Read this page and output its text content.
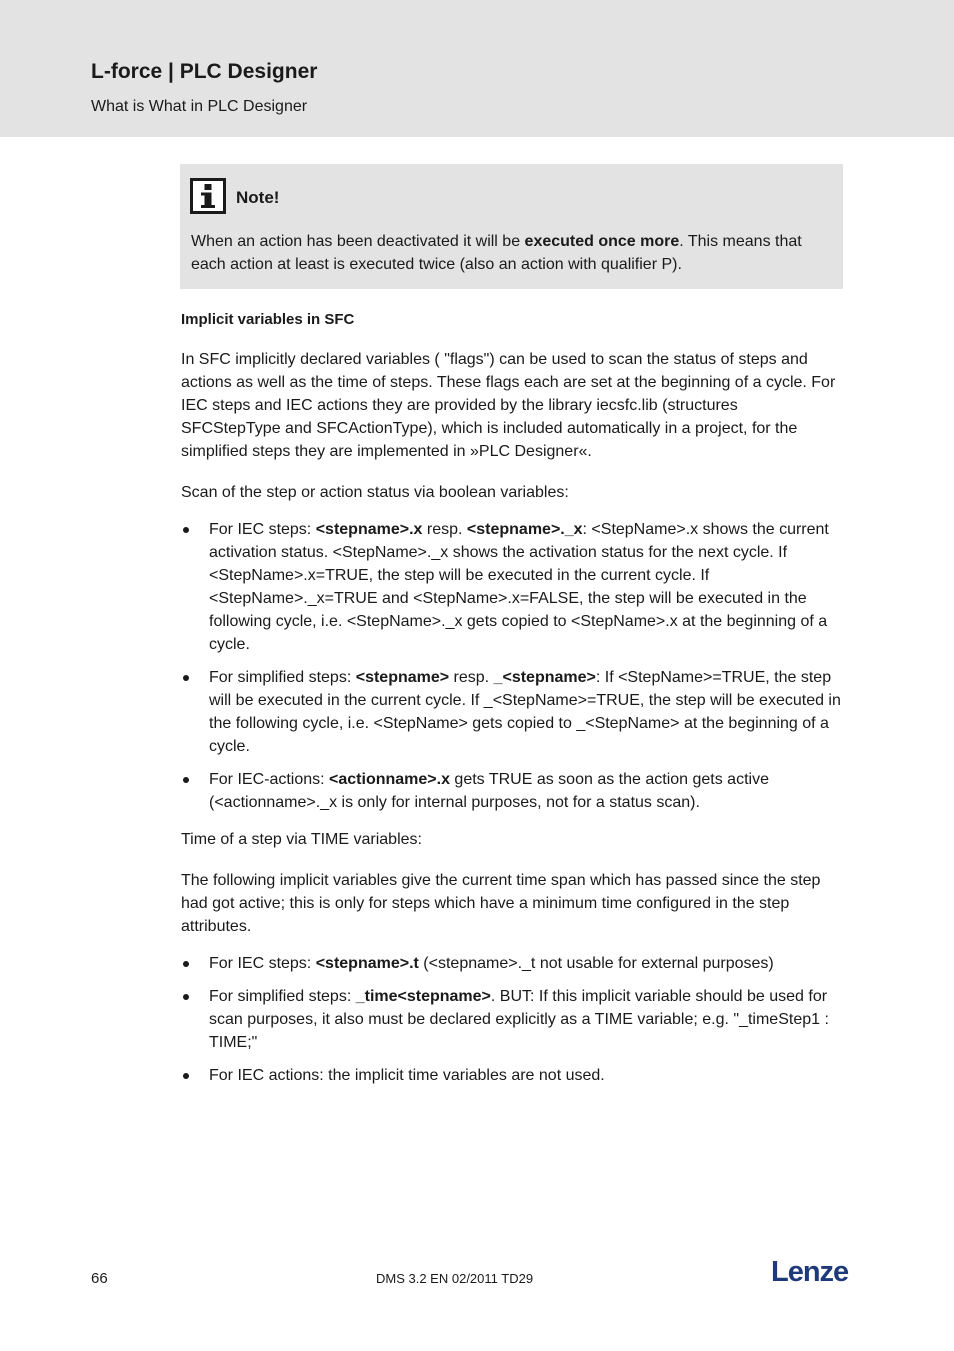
L-force | PLC Designer
What is What in PLC Designer
Note!
When an action has been deactivated it will be executed once more. This means that each action at least is executed twice (also an action with qualifier P).

Implicit variables in SFC

In SFC implicitly declared variables ( "flags") can be used to scan the status of steps and actions as well as the time of steps. These flags each are set at the beginning of a cycle. For IEC steps and IEC actions they are provided by the library iecsfc.lib (structures SFCStepType and SFCActionType), which is included automatically in a project, for the simplified steps they are implemented in »PLC Designer«.

Scan of the step or action status via boolean variables:

For IEC steps: <stepname>.x resp. <stepname>._x: <StepName>.x shows the current activation status. <StepName>._x shows the activation status for the next cycle. If <StepName>.x=TRUE, the step will be executed in the current cycle. If <StepName>._x=TRUE and <StepName>.x=FALSE, the step will be executed in the following cycle, i.e. <StepName>._x gets copied to <StepName>.x at the beginning of a cycle.
For simplified steps: <stepname> resp. _<stepname>: If <StepName>=TRUE, the step will be executed in the current cycle. If _<StepName>=TRUE, the step will be executed in the following cycle, i.e. <StepName> gets copied to _<StepName> at the beginning of a cycle.
For IEC-actions: <actionname>.x gets TRUE as soon as the action gets active (<actionname>._x is only for internal purposes, not for a status scan).

Time of a step via TIME variables:

The following implicit variables give the current time span which has passed since the step had got active; this is only for steps which have a minimum time configured in the step attributes.

For IEC steps: <stepname>.t (<stepname>._t not usable for external purposes)
For simplified steps: _time<stepname>. BUT: If this implicit variable should be used for scan purposes, it also must be declared explicitly as a TIME variable; e.g. "_timeStep1 : TIME;"
For IEC actions: the implicit time variables are not used.
66	DMS 3.2 EN 02/2011 TD29	Lenze
